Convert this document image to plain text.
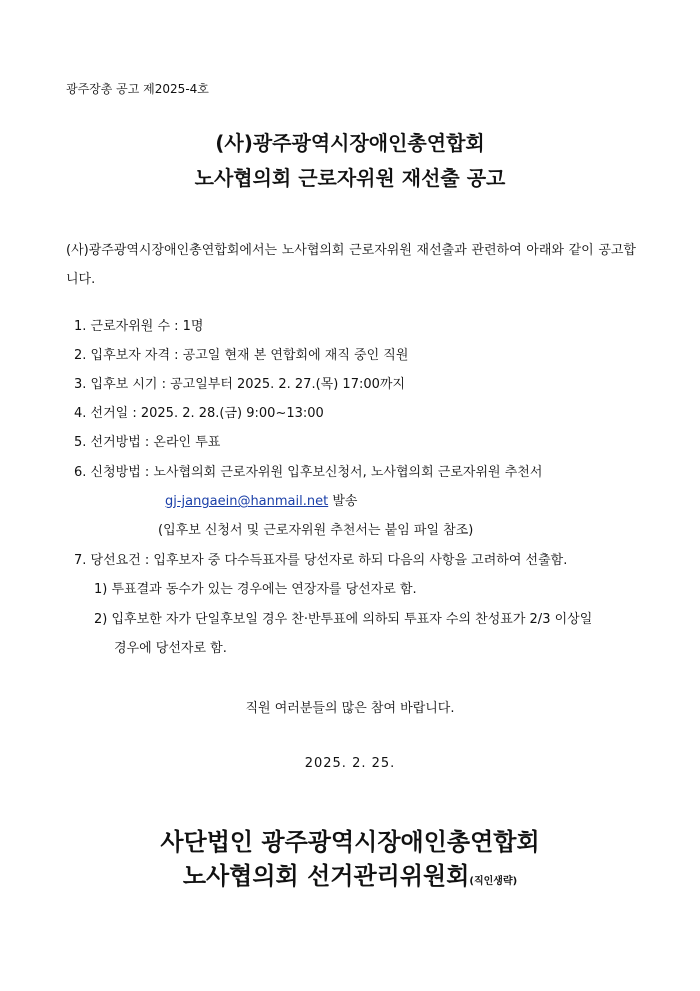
광주장총 공고 제2025-4호
(사)광주광역시장애인총연합회
노사협의회 근로자위원 재선출 공고
(사)광주광역시장애인총연합회에서는 노사협의회 근로자위원 재선출과 관련하여 아래와 같이 공고합니다.
1. 근로자위원 수 : 1명
2. 입후보자 자격 : 공고일 현재 본 연합회에 재직 중인 직원
3. 입후보 시기 : 공고일부터 2025. 2. 27.(목) 17:00까지
4. 선거일 : 2025. 2. 28.(금) 9:00~13:00
5. 선거방법 : 온라인 투표
6. 신청방법 : 노사협의회 근로자위원 입후보신청서, 노사협의회 근로자위원 추천서
gj-jangaein@hanmail.net 발송
(입후보 신청서 및 근로자위원 추천서는 붙임 파일 참조)
7. 당선요건 : 입후보자 중 다수득표자를 당선자로 하되 다음의 사항을 고려하여 선출함.
1) 투표결과 동수가 있는 경우에는 연장자를 당선자로 함.
2) 입후보한 자가 단일후보일 경우 찬·반투표에 의하되 투표자 수의 찬성표가 2/3 이상일
경우에 당선자로 함.
직원 여러분들의 많은 참여 바랍니다.
2025. 2. 25.
사단법인 광주광역시장애인총연합회
노사협의회 선거관리위원회(직인생략)
